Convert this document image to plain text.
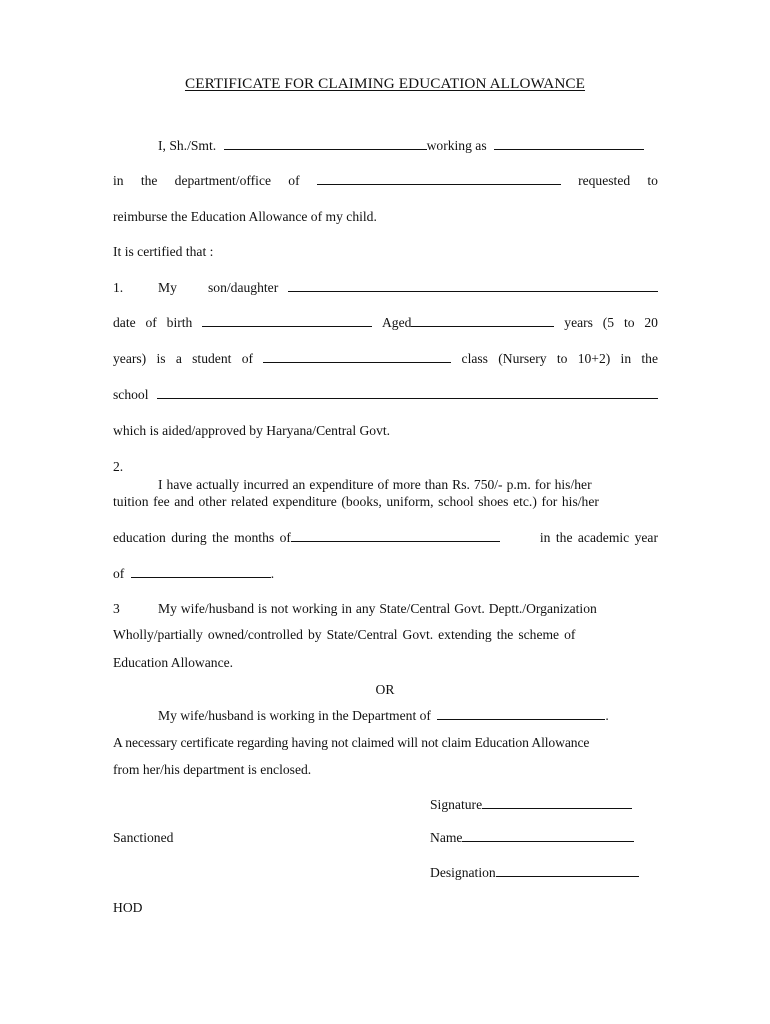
CERTIFICATE FOR CLAIMING EDUCATION ALLOWANCE
I, Sh./Smt.	working as
in the department/office of	requested to
reimburse the Education Allowance of my child.
It is certified that :
1.	My son/daughter
date of birth	Aged	years (5 to 20
years) is a student of	class (Nursery to 10+2) in the
school
which is aided/approved by Haryana/Central Govt.
2.
I have actually incurred an expenditure of more than Rs. 750/- p.m. for his/her
tuition fee and other related expenditure (books, uniform, school shoes etc.) for his/her
education during the months of	in the academic year
of	.
3	My wife/husband is not working in any State/Central Govt. Deptt./Organization
Wholly/partially owned/controlled by State/Central Govt. extending the scheme of
Education Allowance.
OR
My wife/husband is working in the Department of	.
A necessary certificate regarding having not claimed will not claim Education Allowance
from her/his department is enclosed.
Signature
Sanctioned	Name
Designation
HOD
